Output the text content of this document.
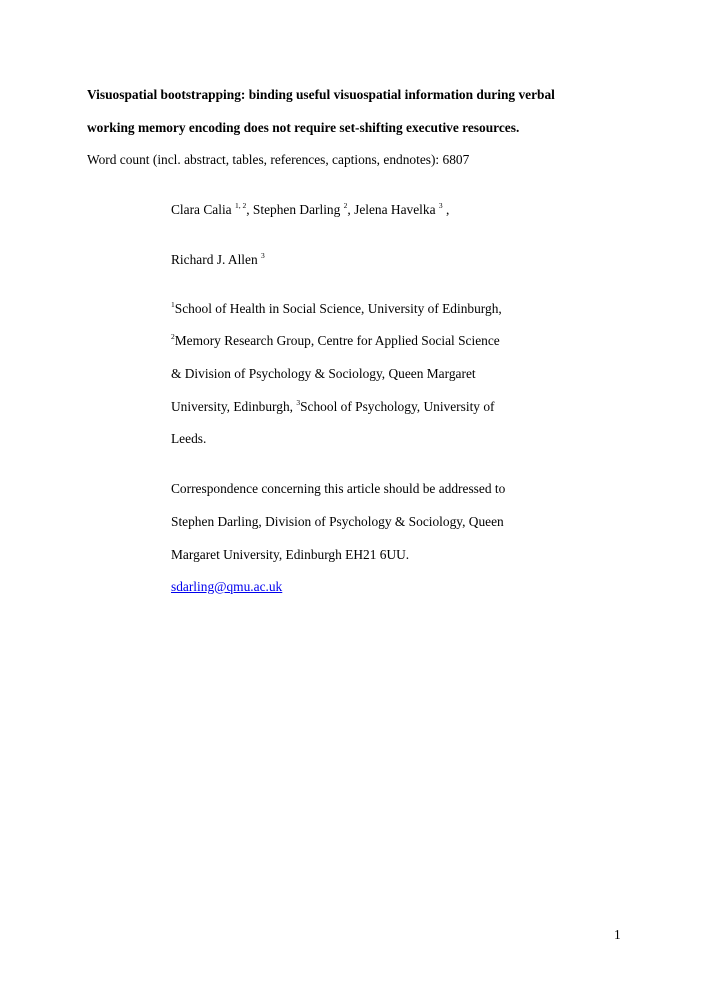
Visuospatial bootstrapping: binding useful visuospatial information during verbal
working memory encoding does not require set-shifting executive resources.
Word count (incl. abstract, tables, references, captions, endnotes): 6807
Clara Calia $^{1, 2}$, Stephen Darling $^2$, Jelena Havelka $^3$ ,
Richard J. Allen $^3$
$^1$School of Health in Social Science, University of Edinburgh,
$^2$Memory Research Group, Centre for Applied Social Science
& Division of Psychology & Sociology, Queen Margaret
University, Edinburgh, $^3$School of Psychology, University of
Leeds.
Correspondence concerning this article should be addressed to
Stephen Darling, Division of Psychology & Sociology, Queen
Margaret University, Edinburgh EH21 6UU.
sdarling@qmu.ac.uk
1
